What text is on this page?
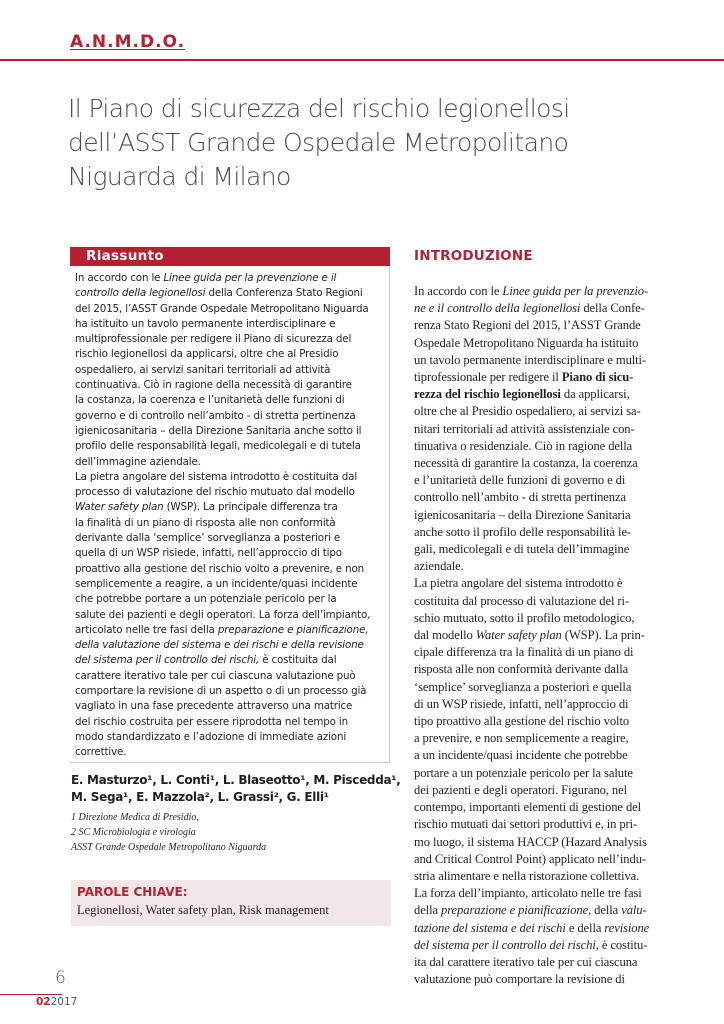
A.N.M.D.O.
Il Piano di sicurezza del rischio legionellosi
dell’ASST Grande Ospedale Metropolitano
Niguarda di Milano
Riassunto
In accordo con le Linee guida per la prevenzione e il
controllo della legionellosi della Conferenza Stato Regioni
del 2015, l’ASST Grande Ospedale Metropolitano Niguarda
ha istituito un tavolo permanente interdisciplinare e
multiprofessionale per redigere il Piano di sicurezza del
rischio legionellosi da applicarsi, oltre che al Presidio
ospedaliero, ai servizi sanitari territoriali ad attività
continuativa. Ciò in ragione della necessità di garantire
la costanza, la coerenza e l’unitarietà delle funzioni di
governo e di controllo nell’ambito - di stretta pertinenza
igienicosanitaria – della Direzione Sanitaria anche sotto il
profilo delle responsabilità legali, medicolegali e di tutela
dell’immagine aziendale.
La pietra angolare del sistema introdotto è costituita dal
processo di valutazione del rischio mutuato dal modello
Water safety plan (WSP). La principale differenza tra
la finalità di un piano di risposta alle non conformità
derivante dalla ‘semplice’ sorveglianza a posteriori e
quella di un WSP risiede, infatti, nell’approccio di tipo
proattivo alla gestione del rischio volto a prevenire, e non
semplicemente a reagire, a un incidente/quasi incidente
che potrebbe portare a un potenziale pericolo per la
salute dei pazienti e degli operatori. La forza dell’impianto,
articolato nelle tre fasi della preparazione e pianificazione,
della valutazione del sistema e dei rischi e della revisione
del sistema per il controllo dei rischi, è costituita dal
carattere iterativo tale per cui ciascuna valutazione può
comportare la revisione di un aspetto o di un processo già
vagliato in una fase precedente attraverso una matrice
del rischio costruita per essere riprodotta nel tempo in
modo standardizzato e l’adozione di immediate azioni
correttive.
E. Masturzo¹, L. Conti¹, L. Blaseotto¹, M. Piscedda¹,
M. Sega¹, E. Mazzola², L. Grassi², G. Elli¹
1 Direzione Medica di Presidio,
2 SC Microbiologia e virologia
ASST Grande Ospedale Metropolitano Niguarda
PAROLE CHIAVE:
Legionellosi, Water safety plan, Risk management
INTRODUZIONE
In accordo con le Linee guida per la prevenzio-
ne e il controllo della legionellosi della Confe-
renza Stato Regioni del 2015, l’ASST Grande
Ospedale Metropolitano Niguarda ha istituito
un tavolo permanente interdisciplinare e multi-
tiprofessionale per redigere il Piano di sicu-
rezza del rischio legionellosi da applicarsi,
oltre che al Presidio ospedaliero, ai servizi sa-
nitari territoriali ad attività assistenziale con-
tinuativa o residenziale. Ciò in ragione della
necessità di garantire la costanza, la coerenza
e l’unitarietà delle funzioni di governo e di
controllo nell’ambito - di stretta pertinenza
igienicosanitaria – della Direzione Sanitaria
anche sotto il profilo delle responsabilità le-
gali, medicolegali e di tutela dell’immagine
aziendale.
La pietra angolare del sistema introdotto è
costituita dal processo di valutazione del ri-
schio mutuato, sotto il profilo metodologico,
dal modello Water safety plan (WSP). La prin-
cipale differenza tra la finalità di un piano di
risposta alle non conformità derivante dalla
‘semplice’ sorveglianza a posteriori e quella
di un WSP risiede, infatti, nell’approccio di
tipo proattivo alla gestione del rischio volto
a prevenire, e non semplicemente a reagire,
a un incidente/quasi incidente che potrebbe
portare a un potenziale pericolo per la salute
dei pazienti e degli operatori. Figurano, nel
contempo, importanti elementi di gestione del
rischio mutuati dai settori produttivi e, in pri-
mo luogo, il sistema HACCP (Hazard Analysis
and Critical Control Point) applicato nell’indu-
stria alimentare e nella ristorazione collettiva.
La forza dell’impianto, articolato nelle tre fasi
della preparazione e pianificazione, della valu-
tazione del sistema e dei rischi e della revisione
del sistema per il controllo dei rischi, è costitu-
ita dal carattere iterativo tale per cui ciascuna
valutazione può comportare la revisione di
6
022017
